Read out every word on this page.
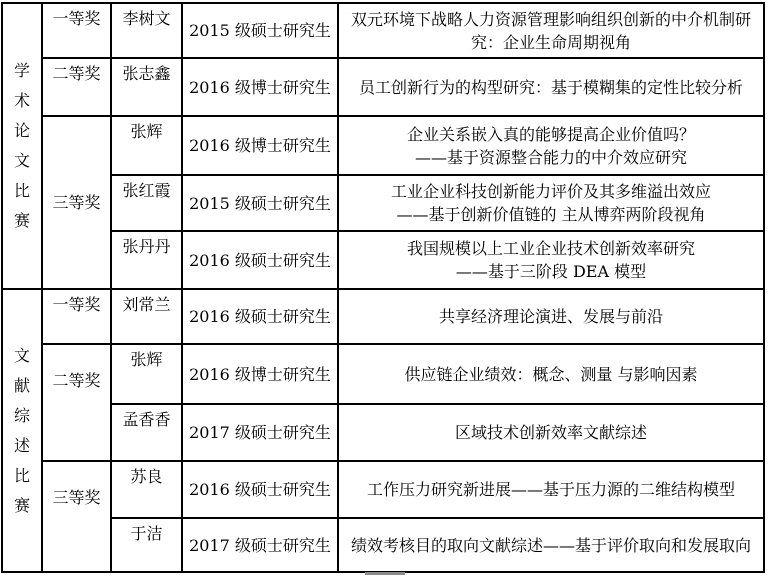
学术论文比赛	一等奖	李树文	2015 级硕士研究生	双元环境下战略人力资源管理影响组织创新的中介机制研
究：企业生命周期视角

	二等奖	张志鑫	2016 级博士研究生	员工创新行为的构型研究：基于模糊集的定性比较分析

	三等奖	张辉	2016 级博士研究生	企业关系嵌入真的能够提高企业价值吗？
——基于资源整合能力的中介效应研究

		张红霞	2015 级硕士研究生	工业企业科技创新能力评价及其多维溢出效应
——基于创新价值链的 主从博弈两阶段视角

		张丹丹	2016 级硕士研究生	我国规模以上工业企业技术创新效率研究
——基于三阶段 DEA 模型

文献综述比赛	一等奖	刘常兰	2016 级硕士研究生	共享经济理论演进、发展与前沿

	二等奖	张辉	2016 级博士研究生	供应链企业绩效：概念、测量 与影响因素

		孟香香	2017 级硕士研究生	区域技术创新效率文献综述

	三等奖	苏良	2016 级硕士研究生	工作压力研究新进展——基于压力源的二维结构模型

		于洁	2017 级硕士研究生	绩效考核目的取向文献综述——基于评价取向和发展取向
